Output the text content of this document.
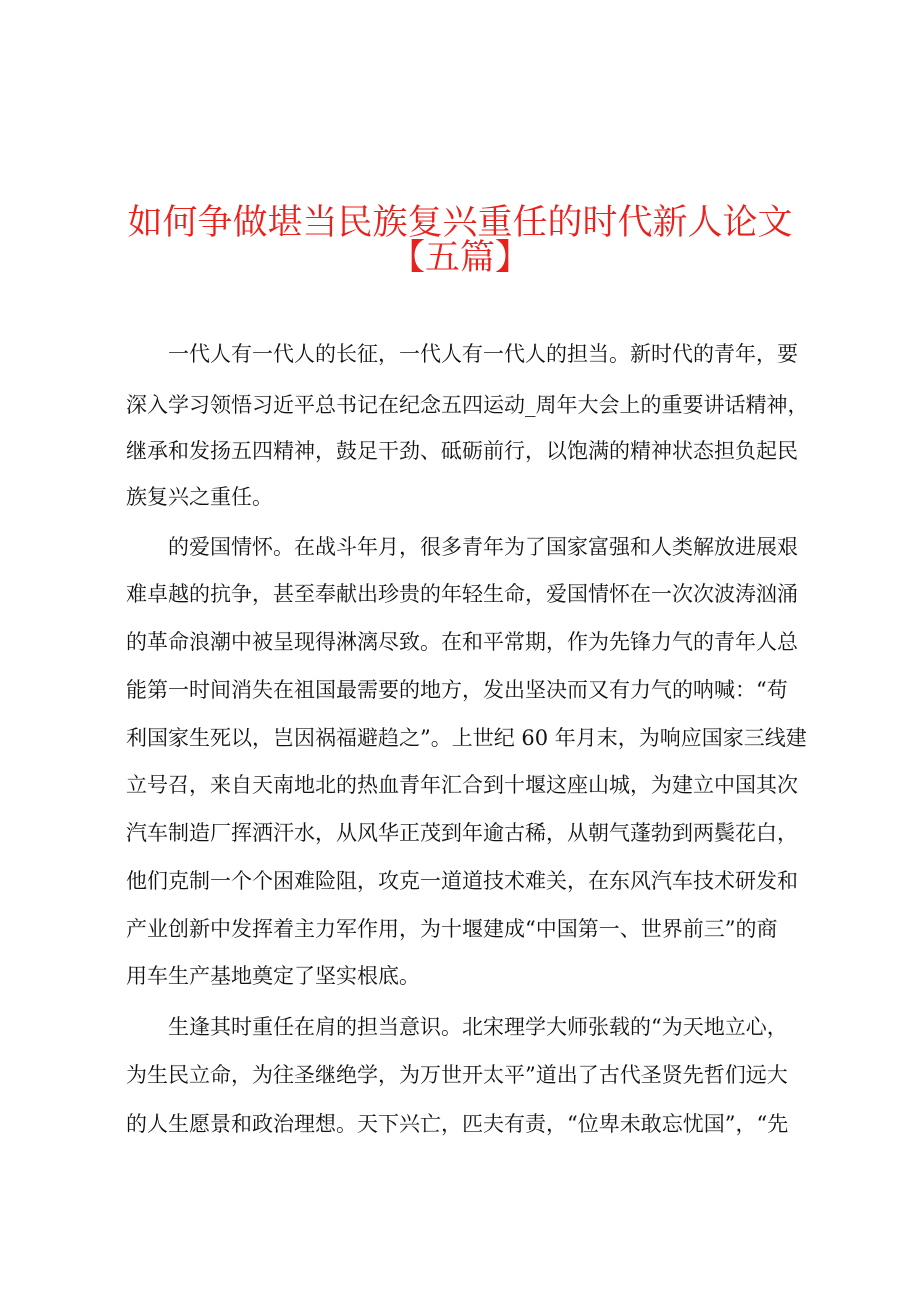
如何争做堪当民族复兴重任的时代新人论文
【五篇】
一代人有一代人的长征，一代人有一代人的担当。新时代的青年，要
深入学习领悟习近平总书记在纪念五四运动_周年大会上的重要讲话精神，
继承和发扬五四精神，鼓足干劲、砥砺前行，以饱满的精神状态担负起民
族复兴之重任。
的爱国情怀。在战斗年月，很多青年为了国家富强和人类解放进展艰
难卓越的抗争，甚至奉献出珍贵的年轻生命，爱国情怀在一次次波涛汹涌
的革命浪潮中被呈现得淋漓尽致。在和平常期，作为先锋力气的青年人总
能第一时间消失在祖国最需要的地方，发出坚决而又有力气的呐喊：“苟
利国家生死以，岂因祸福避趋之”。上世纪 60 年月末，为响应国家三线建
立号召，来自天南地北的热血青年汇合到十堰这座山城，为建立中国其次
汽车制造厂挥洒汗水，从风华正茂到年逾古稀，从朝气蓬勃到两鬓花白，
他们克制一个个困难险阻，攻克一道道技术难关，在东风汽车技术研发和
产业创新中发挥着主力军作用，为十堰建成“中国第一、世界前三”的商
用车生产基地奠定了坚实根底。
生逢其时重任在肩的担当意识。北宋理学大师张载的“为天地立心，
为生民立命，为往圣继绝学，为万世开太平”道出了古代圣贤先哲们远大
的人生愿景和政治理想。天下兴亡，匹夫有责，“位卑未敢忘忧国”，“先
